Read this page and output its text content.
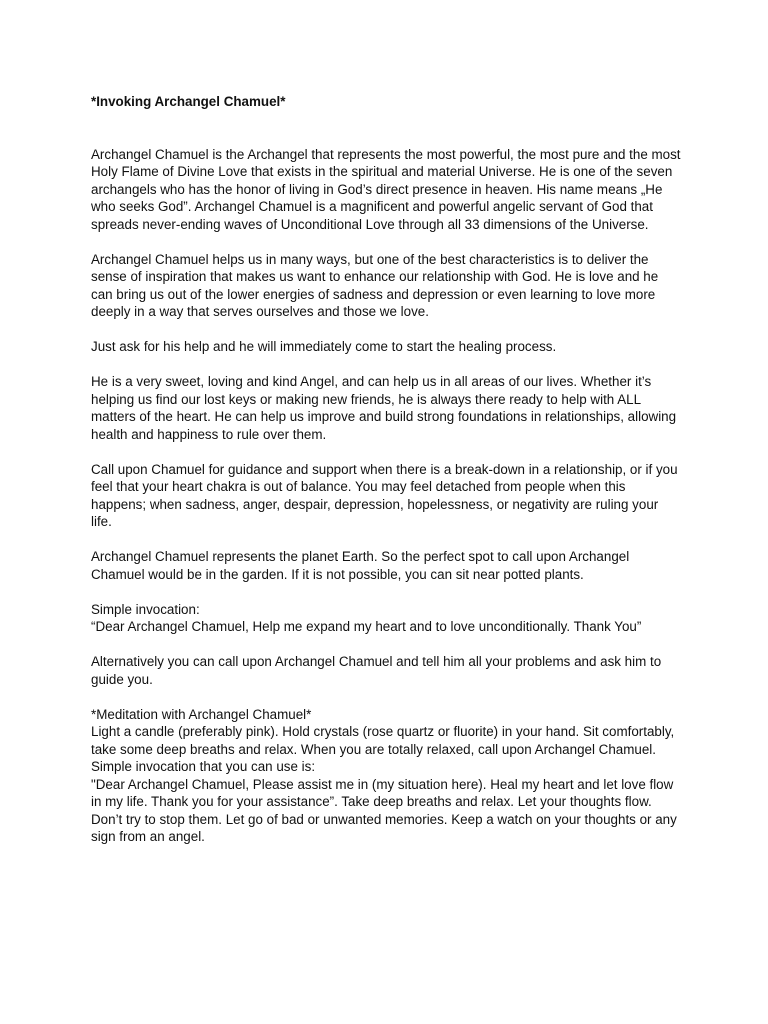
*Invoking Archangel Chamuel*

Archangel Chamuel is the Archangel that represents the most powerful, the most pure and the most Holy Flame of Divine Love that exists in the spiritual and material Universe. He is one of the seven archangels who has the honor of living in God’s direct presence in heaven. His name means „He who seeks God”. Archangel Chamuel is a magnificent and powerful angelic servant of God that spreads never-ending waves of Unconditional Love through all 33 dimensions of the Universe.

Archangel Chamuel helps us in many ways, but one of the best characteristics is to deliver the sense of inspiration that makes us want to enhance our relationship with God. He is love and he can bring us out of the lower energies of sadness and depression or even learning to love more deeply in a way that serves ourselves and those we love.

Just ask for his help and he will immediately come to start the healing process.

He is a very sweet, loving and kind Angel, and can help us in all areas of our lives. Whether it’s helping us find our lost keys or making new friends, he is always there ready to help with ALL matters of the heart. He can help us improve and build strong foundations in relationships, allowing health and happiness to rule over them.

Call upon Chamuel for guidance and support when there is a break-down in a relationship, or if you feel that your heart chakra is out of balance. You may feel detached from people when this happens; when sadness, anger, despair, depression, hopelessness, or negativity are ruling your life.

Archangel Chamuel represents the planet Earth. So the perfect spot to call upon Archangel Chamuel would be in the garden. If it is not possible, you can sit near potted plants.

Simple invocation:
“Dear Archangel Chamuel, Help me expand my heart and to love unconditionally. Thank You”

Alternatively you can call upon Archangel Chamuel and tell him all your problems and ask him to guide you.

*Meditation with Archangel Chamuel*
Light a candle (preferably pink). Hold crystals (rose quartz or fluorite) in your hand. Sit comfortably, take some deep breaths and relax. When you are totally relaxed, call upon Archangel Chamuel. Simple invocation that you can use is:
"Dear Archangel Chamuel, Please assist me in (my situation here). Heal my heart and let love flow in my life. Thank you for your assistance”. Take deep breaths and relax. Let your thoughts flow. Don’t try to stop them. Let go of bad or unwanted memories. Keep a watch on your thoughts or any sign from an angel.
